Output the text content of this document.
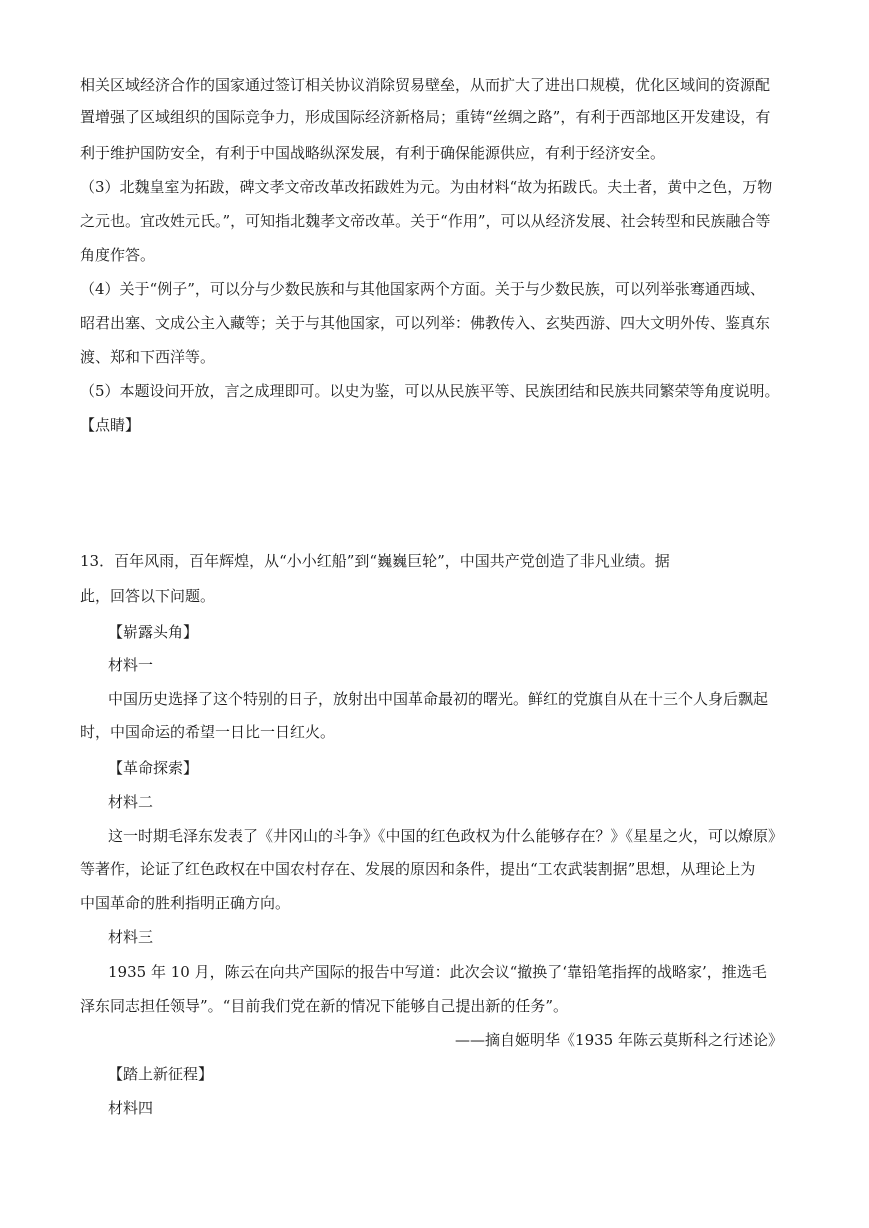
相关区域经济合作的国家通过签订相关协议消除贸易壁垒，从而扩大了进出口规模，优化区域间的资源配
置增强了区域组织的国际竞争力，形成国际经济新格局；重铸“丝绸之路”，有利于西部地区开发建设，有
利于维护国防安全，有利于中国战略纵深发展，有利于确保能源供应，有利于经济安全。
（3）北魏皇室为拓跋，碑文孝文帝改革改拓跋姓为元。为由材料“故为拓跋氏。夫土者，黄中之色，万物
之元也。宜改姓元氏。”，可知指北魏孝文帝改革。关于“作用”，可以从经济发展、社会转型和民族融合等
角度作答。
（4）关于“例子”，可以分与少数民族和与其他国家两个方面。关于与少数民族，可以列举张骞通西域、
昭君出塞、文成公主入藏等；关于与其他国家，可以列举：佛教传入、玄奘西游、四大文明外传、鉴真东
渡、郑和下西洋等。
（5）本题设问开放，言之成理即可。以史为鉴，可以从民族平等、民族团结和民族共同繁荣等角度说明。
【点睛】
13．百年风雨，百年辉煌，从“小小红船”到“巍巍巨轮”，中国共产党创造了非凡业绩。据
此，回答以下问题。
【崭露头角】
材料一
中国历史选择了这个特别的日子，放射出中国革命最初的曙光。鲜红的党旗自从在十三个人身后飘起
时，中国命运的希望一日比一日红火。
【革命探索】
材料二
这一时期毛泽东发表了《井冈山的斗争》《中国的红色政权为什么能够存在？》《星星之火，可以燎原》
等著作，论证了红色政权在中国农村存在、发展的原因和条件，提出“工农武装割据”思想，从理论上为
中国革命的胜利指明正确方向。
材料三
1935 年 10 月，陈云在向共产国际的报告中写道：此次会议“撤换了‘靠铅笔指挥的战略家’，推选毛
泽东同志担任领导”。“目前我们党在新的情况下能够自己提出新的任务”。
——摘自姬明华《1935 年陈云莫斯科之行述论》
【踏上新征程】
材料四
